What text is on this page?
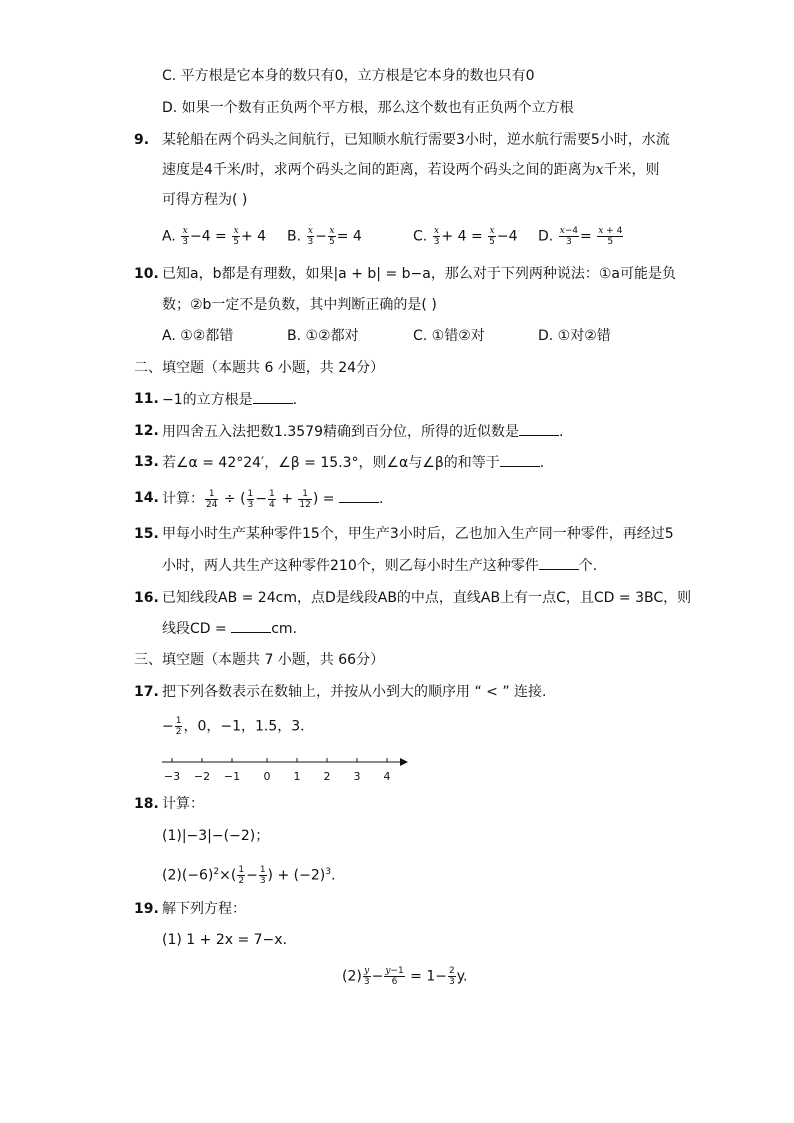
C. 平方根是它本身的数只有0，立方根是它本身的数也只有0
D. 如果一个数有正负两个平方根，那么这个数也有正负两个立方根
9. 某轮船在两个码头之间航行，已知顺水航行需要3小时，逆水航行需要5小时，水流
速度是4千米/时，求两个码头之间的距离，若设两个码头之间的距离为x千米，则
可得方程为( )
A. $\frac{x}{3} -4 = \frac{x}{5} + 4$ B. $\frac{x}{3} - \frac{x}{5} = 4$	C. $\frac{x}{3} + 4 = \frac{x}{5} -4$ D. $\frac{x-4}{3} = \frac{x + 4}{5}$
10. 已知a，b都是有理数，如果|a + b| = b−a，那么对于下列两种说法：①a可能是负
数；②b一定不是负数，其中判断正确的是( )
A. ①②都错	B. ①②都对	C. ①错②对	D. ①对②错
二、填空题（本题共 6 小题，共 24分）
11. −1的立方根是	.
12. 用四舍五入法把数1.3579精确到百分位，所得的近似数是	.
13. 若∠α = 42°24′，∠β = 15.3°，则∠α与∠β的和等于	.
14. 计算： $\frac{1}{24}$ ÷ ( $\frac{1}{3} - \frac{1}{4} + \frac{1}{12}$ ) =	.
15. 甲每小时生产某种零件15个，甲生产3小时后，乙也加入生产同一种零件，再经过5
小时，两人共生产这种零件210个，则乙每小时生产这种零件	个.
16. 已知线段AB = 24cm，点D是线段AB的中点，直线AB上有一点C，且CD = 3BC，则
线段CD =	cm.
三、填空题（本题共 7 小题，共 66分）
17. 把下列各数表示在数轴上，并按从小到大的顺序用 “ < ” 连接.
− $\frac{1}{2}$ ，0，−1，1.5，3．
−3 −2 −1 0 1 2 3 4
18. 计算：
(1)|−3|−(−2)；
$(2)(-6)^2\times( \frac{1}{2} - \frac{1}{3}$ ) + $(-2)^3$.
19. 解下列方程：
(1) 1 + 2x = 7−x.
$(2) \frac{y}{3} - \frac{y-1}{6} = 1- \frac{2}{3} y$.
